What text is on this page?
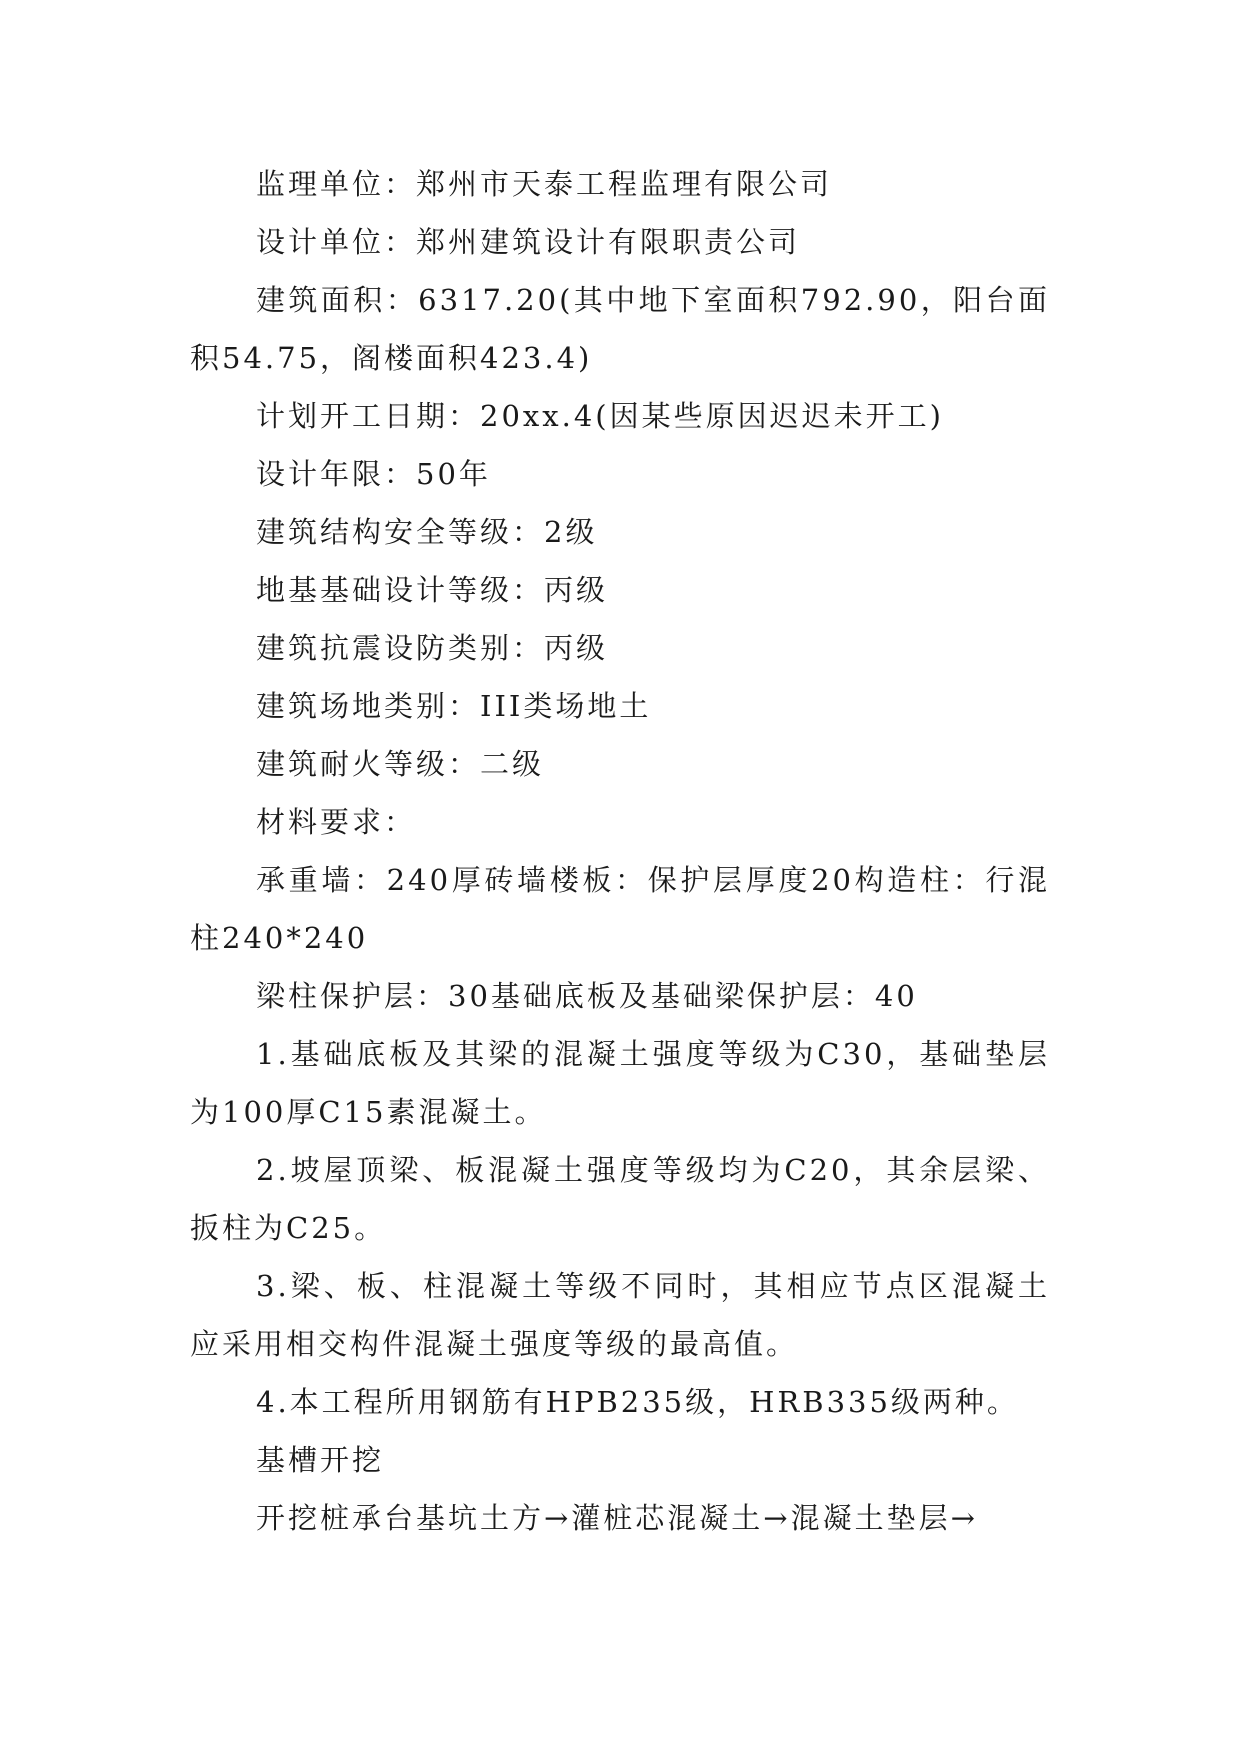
监理单位：郑州市天泰工程监理有限公司

设计单位：郑州建筑设计有限职责公司

建筑面积：6317.20(其中地下室面积792.90，阳台面积54.75，阁楼面积423.4)

计划开工日期：20xx.4(因某些原因迟迟未开工)

设计年限：50年

建筑结构安全等级：2级

地基基础设计等级：丙级

建筑抗震设防类别：丙级

建筑场地类别：III类场地土

建筑耐火等级：二级

材料要求：

承重墙：240厚砖墙楼板：保护层厚度20构造柱：行混柱240*240

梁柱保护层：30基础底板及基础梁保护层：40

1.基础底板及其梁的混凝土强度等级为C30，基础垫层为100厚C15素混凝土。

2.坡屋顶梁、板混凝土强度等级均为C20，其余层梁、扳柱为C25。

3.梁、板、柱混凝土等级不同时，其相应节点区混凝土应采用相交构件混凝土强度等级的最高值。

4.本工程所用钢筋有HPB235级，HRB335级两种。

基槽开挖

开挖桩承台基坑土方→灌桩芯混凝土→混凝土垫层→
